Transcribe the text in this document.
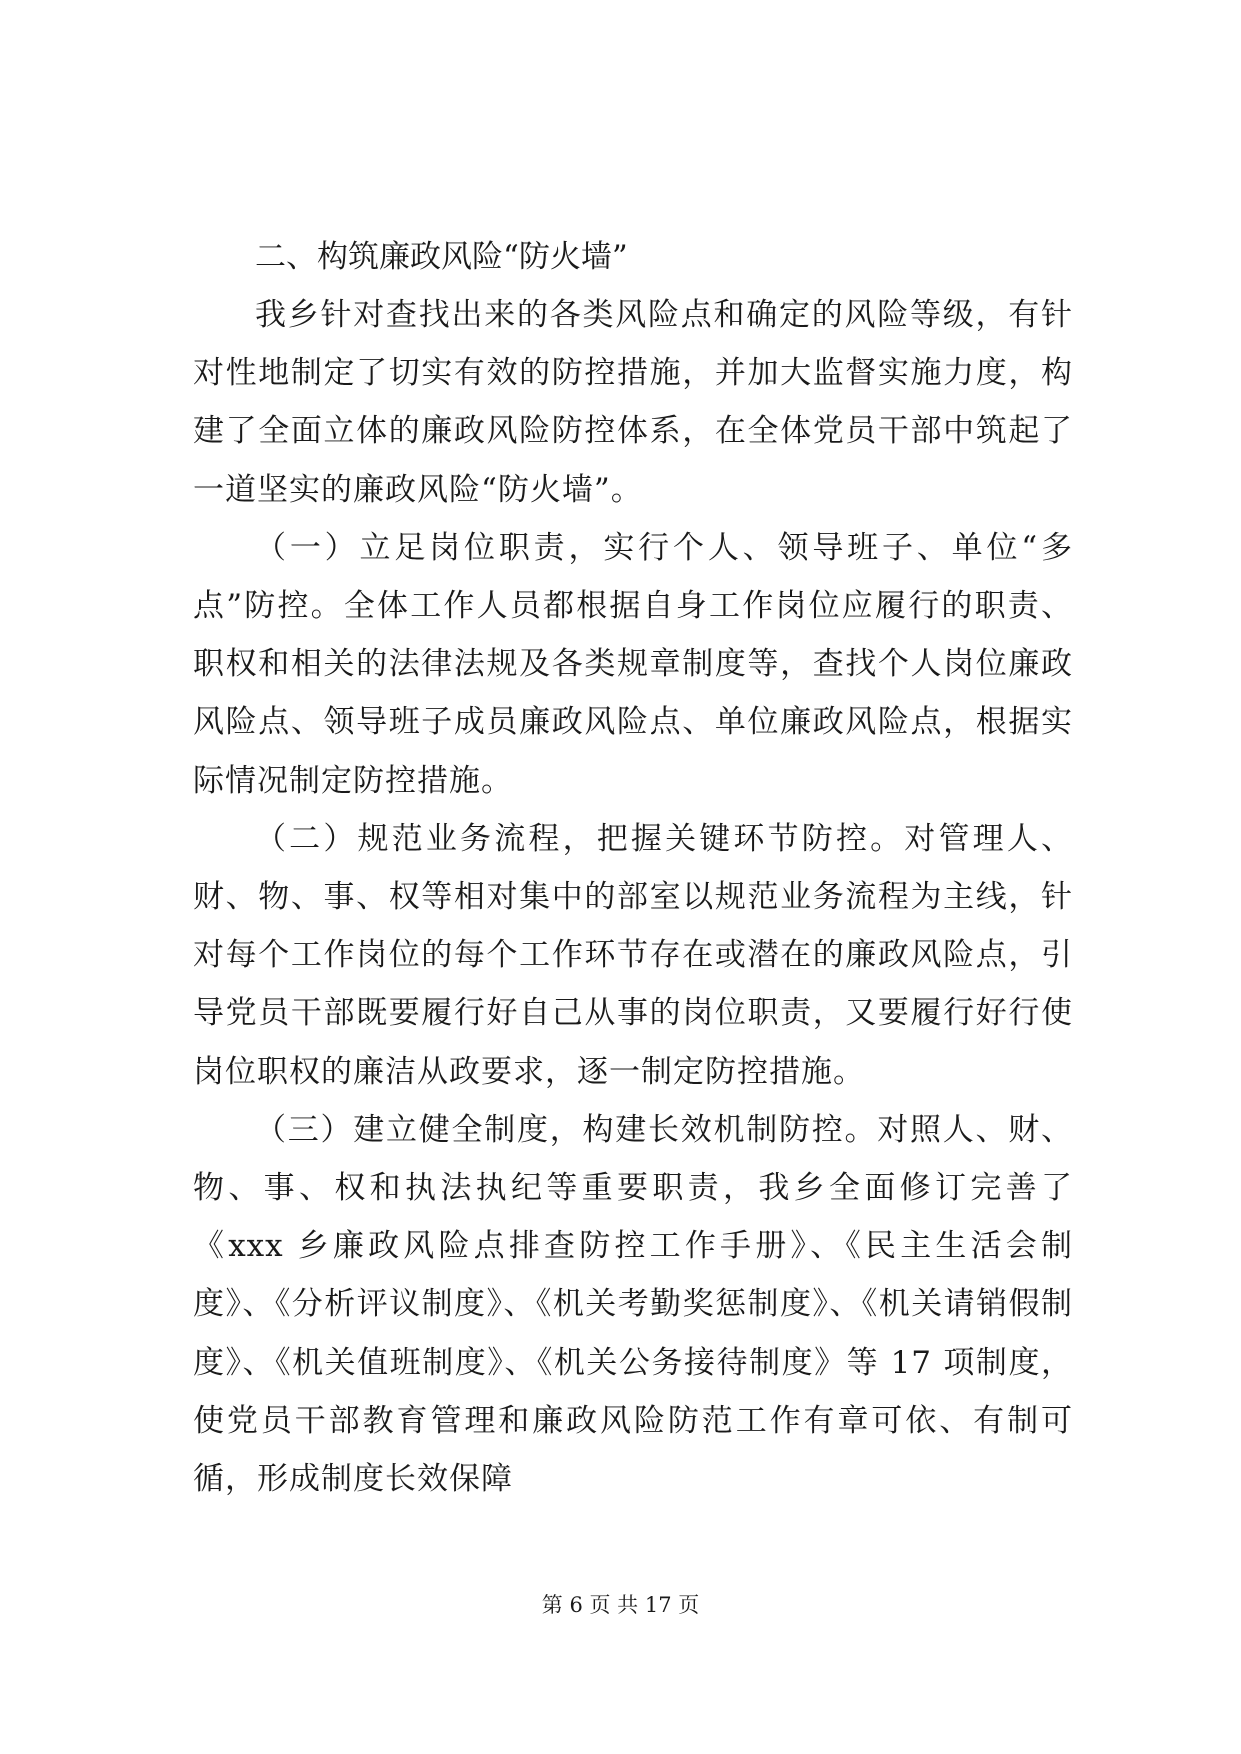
二、构筑廉政风险“防火墙”

我乡针对查找出来的各类风险点和确定的风险等级，有针对性地制定了切实有效的防控措施，并加大监督实施力度，构建了全面立体的廉政风险防控体系，在全体党员干部中筑起了一道坚实的廉政风险“防火墙”。

（一）立足岗位职责，实行个人、领导班子、单位“多点”防控。全体工作人员都根据自身工作岗位应履行的职责、职权和相关的法律法规及各类规章制度等，查找个人岗位廉政风险点、领导班子成员廉政风险点、单位廉政风险点，根据实际情况制定防控措施。

（二）规范业务流程，把握关键环节防控。对管理人、财、物、事、权等相对集中的部室以规范业务流程为主线，针对每个工作岗位的每个工作环节存在或潜在的廉政风险点，引导党员干部既要履行好自己从事的岗位职责，又要履行好行使岗位职权的廉洁从政要求，逐一制定防控措施。

（三）建立健全制度，构建长效机制防控。对照人、财、物、事、权和执法执纪等重要职责，我乡全面修订完善了《xxx 乡廉政风险点排查防控工作手册》、《民主生活会制度》、《分析评议制度》、《机关考勤奖惩制度》、《机关请销假制度》、《机关值班制度》、《机关公务接待制度》等 17 项制度，使党员干部教育管理和廉政风险防范工作有章可依、有制可循，形成制度长效保障

第 6 页 共 17 页
